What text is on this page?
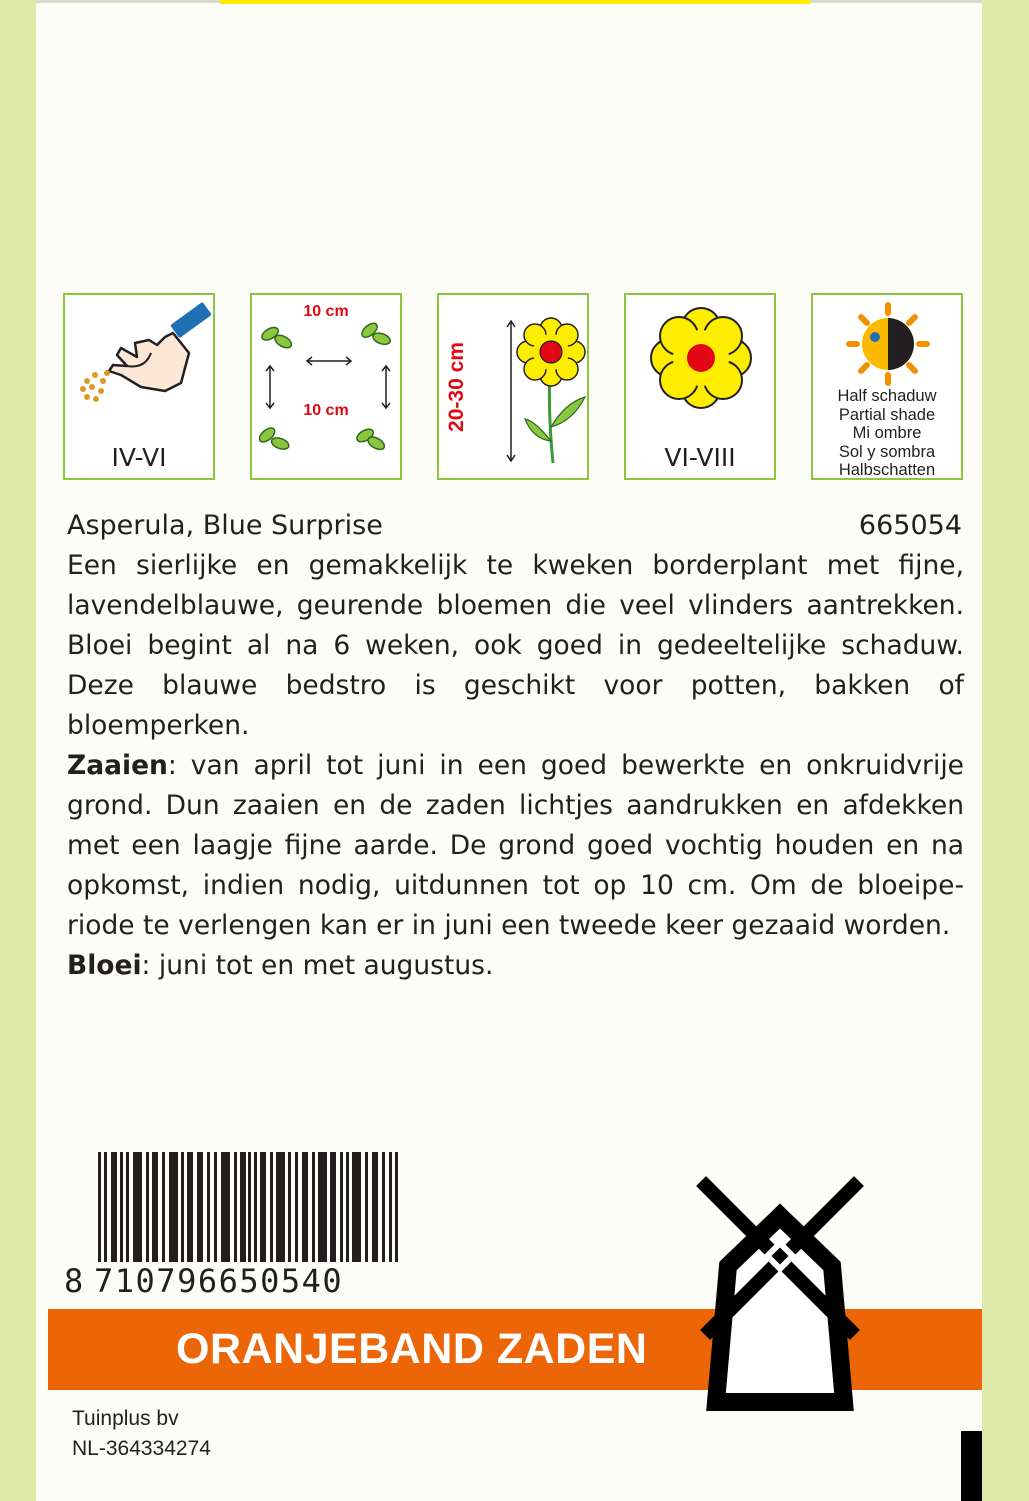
IV-VI
10 cm
10 cm	20-30 cm
VI-VIII
Half schaduw
Partial shade
Mi ombre
Sol y sombra
Halbschatten
Asperula, Blue Surprise	665054

Een sierlijke en gemakkelijk te kweken borderplant met fijne, lavendelblauwe, geurende bloemen die veel vlinders aantrekken. Bloei begint al na 6 weken, ook goed in gedeeltelijke schaduw. Deze blauwe bedstro is geschikt voor potten, bakken of bloemperken.

Zaaien: van april tot juni in een goed bewerkte en onkruidvrije grond. Dun zaaien en de zaden lichtjes aandrukken en afdekken met een laagje fijne aarde. De grond goed vochtig houden en na opkomst, indien nodig, uitdunnen tot op 10 cm. Om de bloeiperiode te verlengen kan er in juni een tweede keer gezaaid worden.

Bloei: juni tot en met augustus.

8 710796650540
ORANJEBAND ZADEN
Tuinplus bv
NL-364334274
